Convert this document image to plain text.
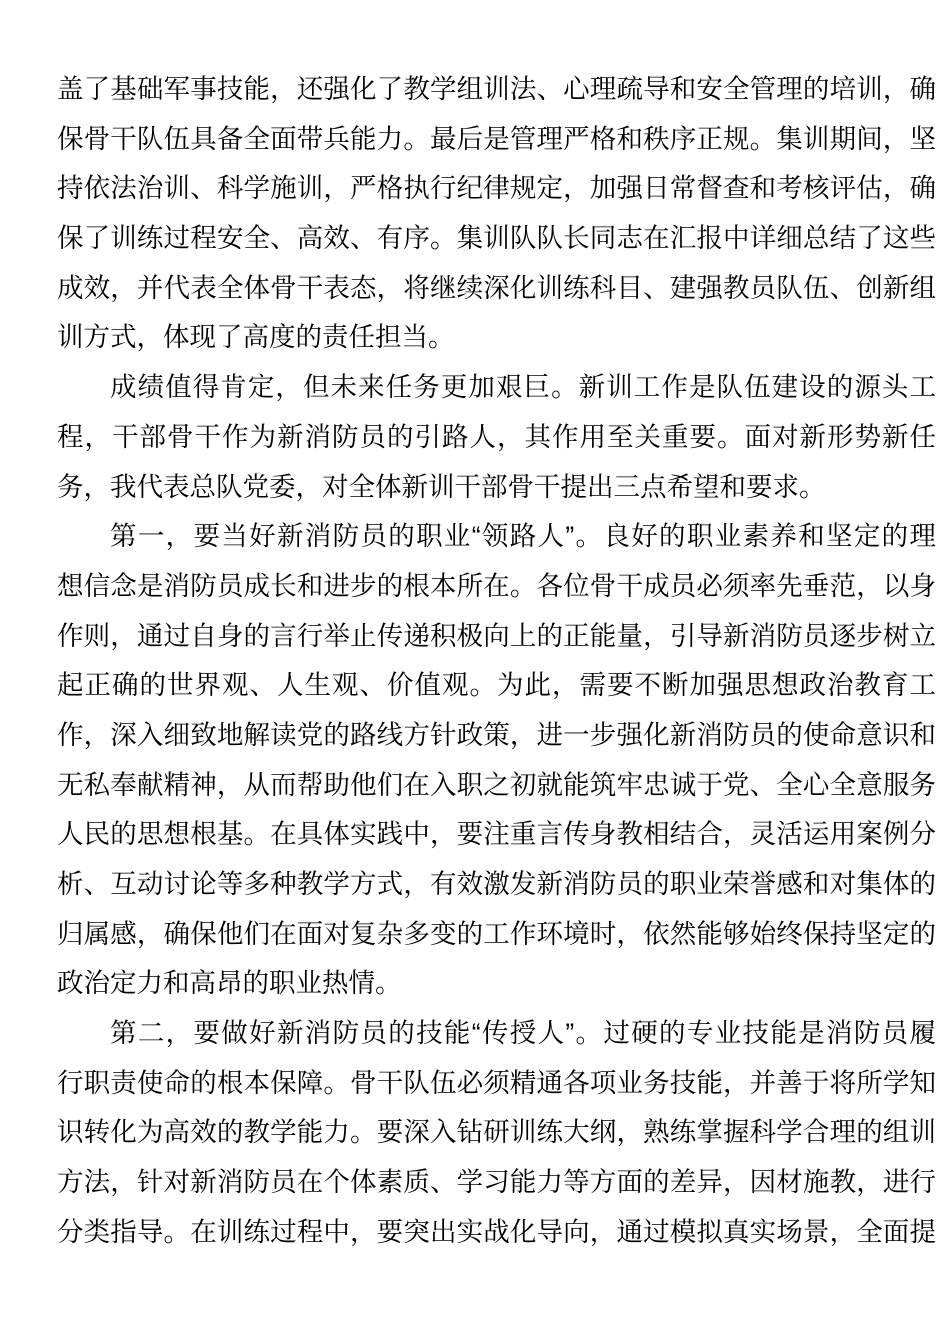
盖了基础军事技能，还强化了教学组训法、心理疏导和安全管理的培训，确
保骨干队伍具备全面带兵能力。最后是管理严格和秩序正规。集训期间，坚
持依法治训、科学施训，严格执行纪律规定，加强日常督查和考核评估，确
保了训练过程安全、高效、有序。集训队队长同志在汇报中详细总结了这些
成效，并代表全体骨干表态，将继续深化训练科目、建强教员队伍、创新组
训方式，体现了高度的责任担当。
成绩值得肯定，但未来任务更加艰巨。新训工作是队伍建设的源头工
程，干部骨干作为新消防员的引路人，其作用至关重要。面对新形势新任
务，我代表总队党委，对全体新训干部骨干提出三点希望和要求。
第一，要当好新消防员的职业“领路人”。良好的职业素养和坚定的理
想信念是消防员成长和进步的根本所在。各位骨干成员必须率先垂范，以身
作则，通过自身的言行举止传递积极向上的正能量，引导新消防员逐步树立
起正确的世界观、人生观、价值观。为此，需要不断加强思想政治教育工
作，深入细致地解读党的路线方针政策，进一步强化新消防员的使命意识和
无私奉献精神，从而帮助他们在入职之初就能筑牢忠诚于党、全心全意服务
人民的思想根基。在具体实践中，要注重言传身教相结合，灵活运用案例分
析、互动讨论等多种教学方式，有效激发新消防员的职业荣誉感和对集体的
归属感，确保他们在面对复杂多变的工作环境时，依然能够始终保持坚定的
政治定力和高昂的职业热情。
第二，要做好新消防员的技能“传授人”。过硬的专业技能是消防员履
行职责使命的根本保障。骨干队伍必须精通各项业务技能，并善于将所学知
识转化为高效的教学能力。要深入钻研训练大纲，熟练掌握科学合理的组训
方法，针对新消防员在个体素质、学习能力等方面的差异，因材施教，进行
分类指导。在训练过程中，要突出实战化导向，通过模拟真实场景，全面提
